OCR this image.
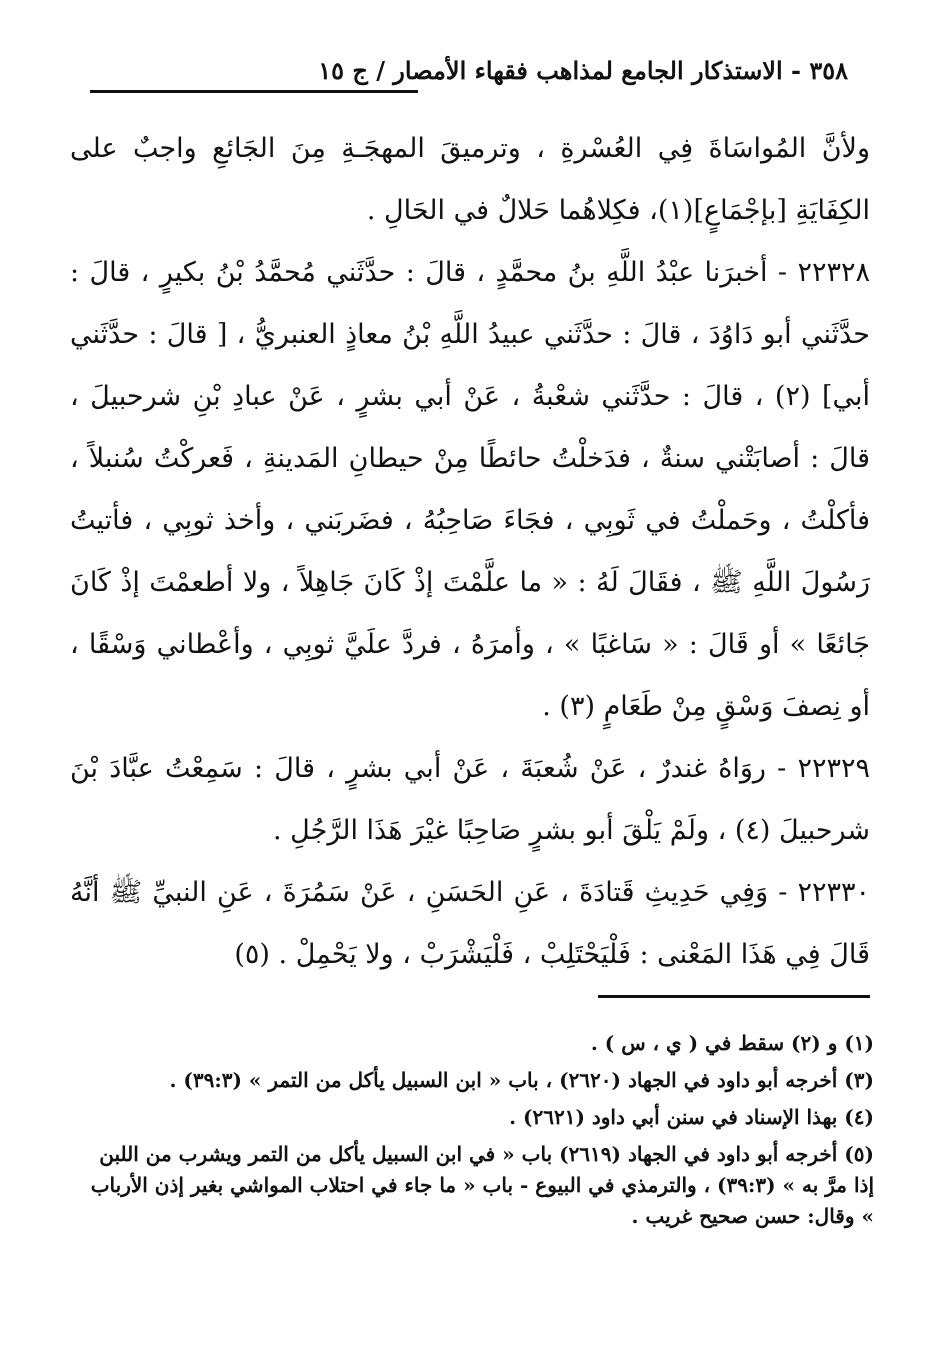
٣٥٨ - الاستذكار الجامع لمذاهب فقهاء الأمصار / ج ١٥

ولأنَّ المُواسَاةَ فِي العُسْرةِ ، وترميقَ المهجَـةِ مِنَ الجَائعِ واجبٌ على الكِفَايَةِ [بإجْمَاعٍ](١)، فكِلاهُما حَلالٌ في الحَالِ .

٢٢٣٢٨ - أخبرَنا عبْدُ اللَّهِ بنُ محمَّدٍ ، قالَ : حدَّثَني مُحمَّدُ بْنُ بكيرٍ ، قالَ : حدَّثَني أبو دَاوُدَ ، قالَ : حدَّثَني عبيدُ اللَّهِ بْنُ معاذٍ العنبريُّ ، [ قالَ : حدَّثَني أبي] (٢) ، قالَ : حدَّثَني شعْبةُ ، عَنْ أبي بشرٍ ، عَنْ عبادِ بْنِ شرحبيلَ ، قالَ : أصابَتْني سنةٌ ، فدَخلْتُ حائطًا مِنْ حيطانِ المَدينةِ ، فَعركْتُ سُنبلاً ، فأكلْتُ ، وحَملْتُ في ثَوبِي ، فجَاءَ صَاحِبُهُ ، فضَربَني ، وأخذ ثوبِي ، فأتيتُ رَسُولَ اللَّهِ ﷺ ، فقَالَ لَهُ : « ما علَّمْتَ إذْ كَانَ جَاهِلاً ، ولا أطعمْتَ إذْ كَانَ جَائعًا » أو قَالَ : « سَاغبًا » ، وأمرَهُ ، فردَّ علَيَّ ثوبِي ، وأعْطاني وَسْقًا ، أو نِصفَ وَسْقٍ مِنْ طَعَامٍ (٣) .

٢٢٣٢٩ - روَاهُ غندرٌ ، عَنْ شُعبَةَ ، عَنْ أبي بشرٍ ، قالَ : سَمِعْتُ عبَّادَ بْنَ شرحبيلَ (٤) ، ولَمْ يَلْقَ أبو بشرٍ صَاحِبًا غيْرَ هَذَا الرَّجُلِ .

٢٢٣٣٠ - وَفِي حَدِيثِ قَتادَةَ ، عَنِ الحَسَنِ ، عَنْ سَمُرَةَ ، عَنِ النبيِّ ﷺ أنَّهُ قَالَ فِي هَذَا المَعْنى : فَلْيَحْتَلِبْ ، فَلْيَشْرَبْ ، ولا يَحْمِلْ . (٥)

(١) و (٢) سقط في ( ي ، س ) .

(٣) أخرجه أبو داود في الجهاد (٢٦٢٠) ، باب « ابن السبيل يأكل من التمر » (٣٩:٣) .

(٤) بهذا الإسناد في سنن أبي داود (٢٦٢١) .

(٥) أخرجه أبو داود في الجهاد (٢٦١٩) باب « في ابن السبيل يأكل من التمر ويشرب من اللبن إذا مرَّ به » (٣٩:٣) ، والترمذي في البيوع - باب « ما جاء في احتلاب المواشي بغير إذن الأرباب » وقال: حسن صحيح غريب .
